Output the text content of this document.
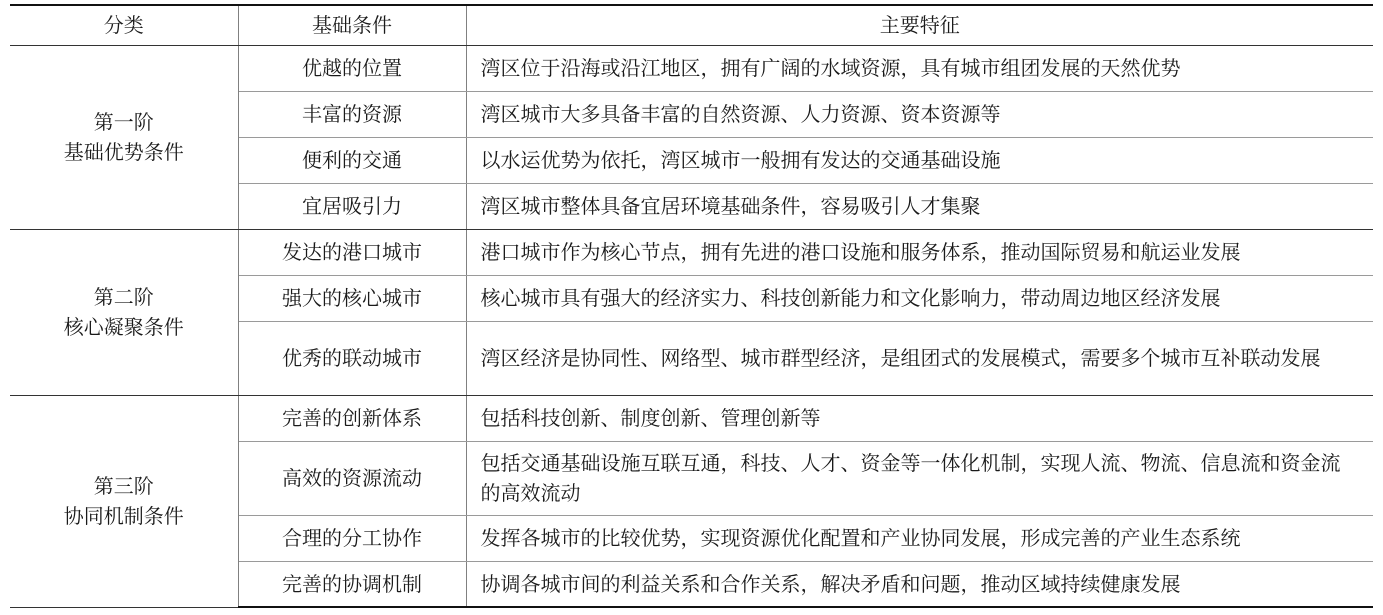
分类	基础条件	主要特征

第一阶
基础优势条件	优越的位置	湾区位于沿海或沿江地区，拥有广阔的水域资源，具有城市组团发展的天然优势
	丰富的资源	湾区城市大多具备丰富的自然资源、人力资源、资本资源等
	便利的交通	以水运优势为依托，湾区城市一般拥有发达的交通基础设施
	宜居吸引力	湾区城市整体具备宜居环境基础条件，容易吸引人才集聚

第二阶
核心凝聚条件	发达的港口城市	港口城市作为核心节点，拥有先进的港口设施和服务体系，推动国际贸易和航运业发展
	强大的核心城市	核心城市具有强大的经济实力、科技创新能力和文化影响力，带动周边地区经济发展
	优秀的联动城市	湾区经济是协同性、网络型、城市群型经济，是组团式的发展模式，需要多个城市互补联动发展

第三阶
协同机制条件	完善的创新体系	包括科技创新、制度创新、管理创新等
	高效的资源流动	包括交通基础设施互联互通，科技、人才、资金等一体化机制，实现人流、物流、信息流和资金流的高效流动
	合理的分工协作	发挥各城市的比较优势，实现资源优化配置和产业协同发展，形成完善的产业生态系统
	完善的协调机制	协调各城市间的利益关系和合作关系，解决矛盾和问题，推动区域持续健康发展
